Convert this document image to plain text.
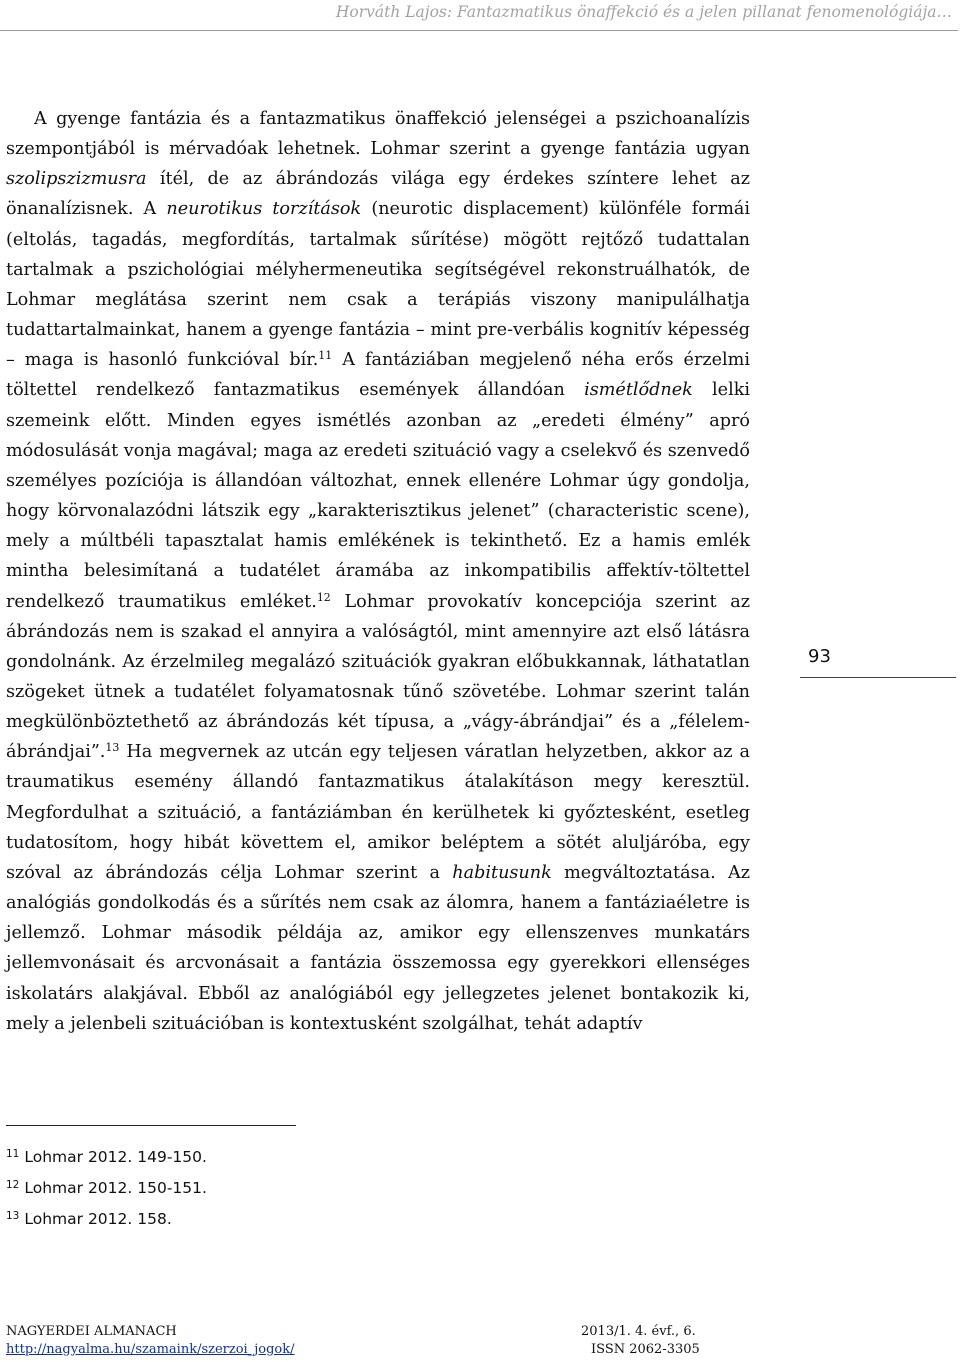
Horváth Lajos: Fantazmatikus önaffekció és a jelen pillanat fenomenológiája…

A gyenge fantázia és a fantazmatikus önaffekció jelenségei a pszichoanalízis szempontjából is mérvadóak lehetnek. Lohmar szerint a gyenge fantázia ugyan szolipszizmusra ítél, de az ábrándozás világa egy érdekes színtere lehet az önanalízisnek. A neurotikus torzítások (neurotic displacement) különféle formái (eltolás, tagadás, megfordítás, tartalmak sűrítése) mögött rejtőző tudattalan tartalmak a pszichológiai mélyhermeneutika segítségével rekonstruálhatók, de Lohmar meglátása szerint nem csak a terápiás viszony manipulálhatja tudattartalmainkat, hanem a gyenge fantázia – mint pre-verbális kognitív képesség – maga is hasonló funkcióval bír.$^{11}$ A fantáziában megjelenő néha erős érzelmi töltettel rendelkező fantazmatikus események állandóan ismétlődnek lelki szemeink előtt. Minden egyes ismétlés azonban az „eredeti élmény” apró módosulását vonja magával; maga az eredeti szituáció vagy a cselekvő és szenvedő személyes pozíciója is állandóan változhat, ennek ellenére Lohmar úgy gondolja, hogy körvonalazódni látszik egy „karakterisztikus jelenet” (characteristic scene), mely a múltbéli tapasztalat hamis emlékének is tekinthető. Ez a hamis emlék mintha belesimítaná a tudatélet áramába az inkompatibilis affektív-töltettel rendelkező traumatikus emléket.$^{12}$ Lohmar provokatív koncepciója szerint az ábrándozás nem is szakad el annyira a valóságtól, mint amennyire azt első látásra gondolnánk. Az érzelmileg megalázó szituációk gyakran előbukkannak, láthatatlan szögeket ütnek a tudatélet folyamatosnak tűnő szövetébe. Lohmar szerint talán megkülönböztethető az ábrándozás két típusa, a „vágy-ábrándjai” és a „félelem-ábrándjai”.$^{13}$ Ha megvernek az utcán egy teljesen váratlan helyzetben, akkor az a traumatikus esemény állandó fantazmatikus átalakításon megy keresztül. Megfordulhat a szituáció, a fantáziámban én kerülhetek ki győztesként, esetleg tudatosítom, hogy hibát követtem el, amikor beléptem a sötét aluljáróba, egy szóval az ábrándozás célja Lohmar szerint a habitusunk megváltoztatása. Az analógiás gondolkodás és a sűrítés nem csak az álomra, hanem a fantáziaéletre is jellemző. Lohmar második példája az, amikor egy ellenszenves munkatárs jellemvonásait és arcvonásait a fantázia összemossa egy gyerekkori ellenséges iskolatárs alakjával. Ebből az analógiából egy jellegzetes jelenet bontakozik ki, mely a jelenbeli szituációban is kontextusként szolgálhat, tehát adaptív

93
$^{11}$ Lohmar 2012. 149-150.
$^{12}$ Lohmar 2012. 150-151.
$^{13}$ Lohmar 2012. 158.
NAGYERDEI ALMANACH
http://nagyalma.hu/szamaink/szerzoi_jogok/
2013/1. 4. évf., 6.
ISSN 2062-3305
